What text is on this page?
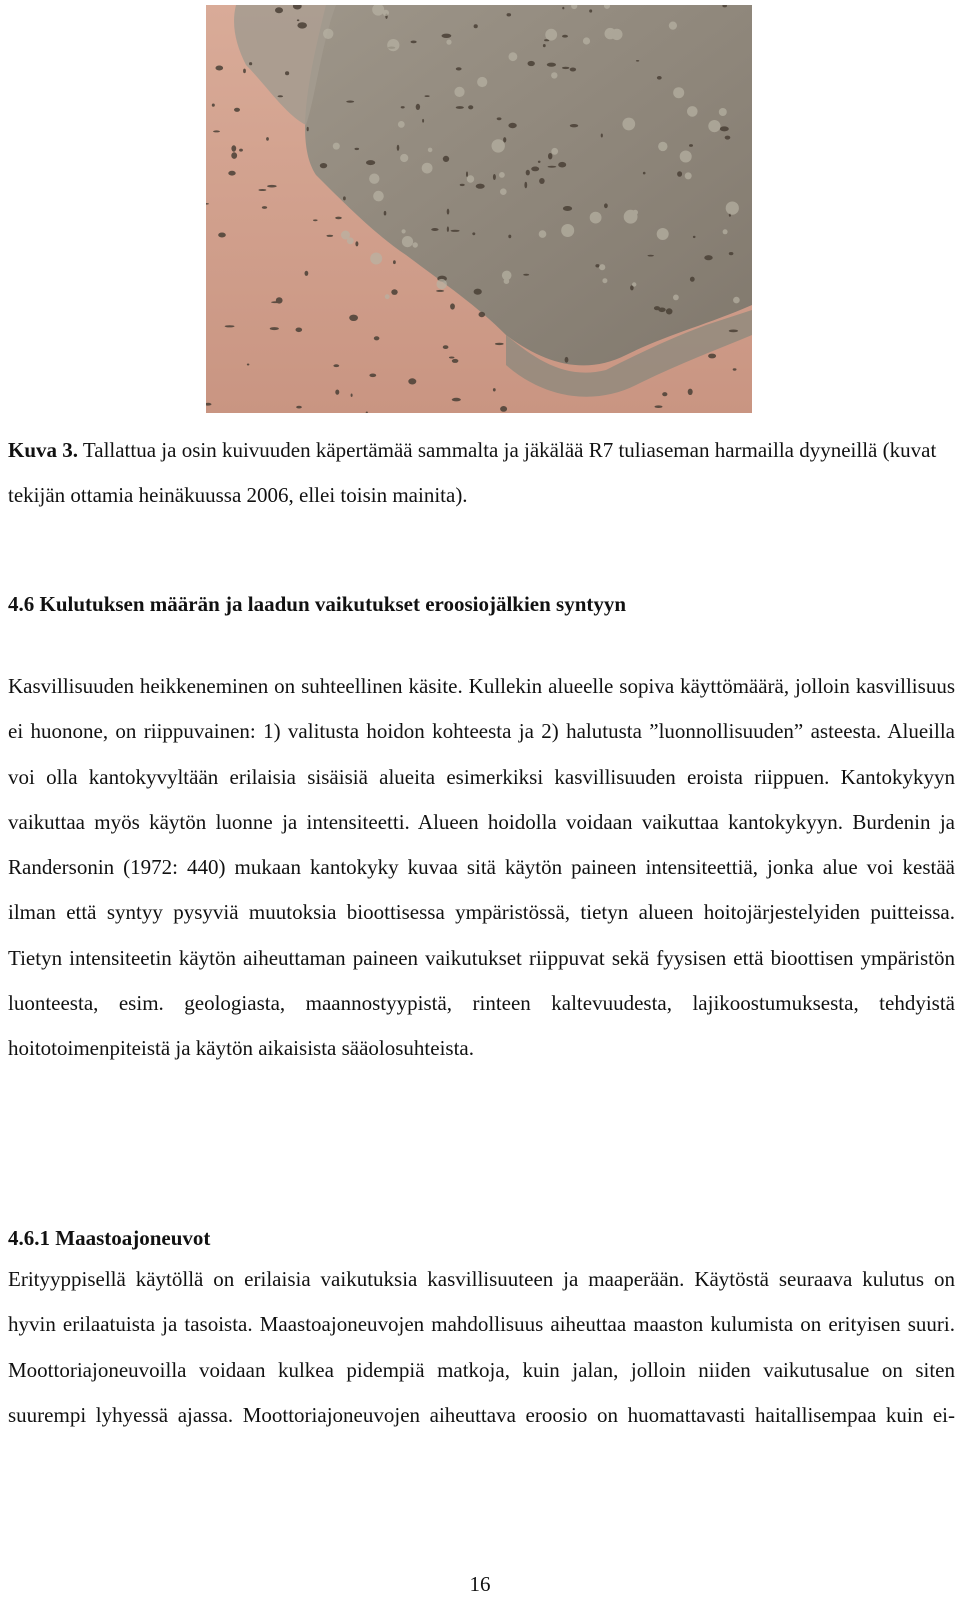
Kuva 3. Tallattua ja osin kuivuuden käpertämää sammalta ja jäkälää R7 tuliaseman harmailla dyyneillä (kuvat tekijän ottamia heinäkuussa 2006, ellei toisin mainita).

4.6 Kulutuksen määrän ja laadun vaikutukset eroosiojälkien syntyyn

Kasvillisuuden heikkeneminen on suhteellinen käsite. Kullekin alueelle sopiva käyttömäärä, jolloin kasvillisuus ei huonone, on riippuvainen: 1) valitusta hoidon kohteesta ja 2) halutusta ”luonnollisuuden” asteesta. Alueilla voi olla kantokyvyltään erilaisia sisäisiä alueita esimerkiksi kasvillisuuden eroista riippuen. Kantokykyyn vaikuttaa myös käytön luonne ja intensiteetti. Alueen hoidolla voidaan vaikuttaa kantokykyyn. Burdenin ja Randersonin (1972: 440) mukaan kantokyky kuvaa sitä käytön paineen intensiteettiä, jonka alue voi kestää ilman että syntyy pysyviä muutoksia bioottisessa ympäristössä, tietyn alueen hoitojärjestelyiden puitteissa. Tietyn intensiteetin käytön aiheuttaman paineen vaikutukset riippuvat sekä fyysisen että bioottisen ympäristön luonteesta, esim. geologiasta, maannostyypistä, rinteen kaltevuudesta, lajikoostumuksesta, tehdyistä hoitotoimenpiteistä ja käytön aikaisista sääolosuhteista.

4.6.1 Maastoajoneuvot

Erityyppisellä käytöllä on erilaisia vaikutuksia kasvillisuuteen ja maaperään. Käytöstä seuraava kulutus on hyvin erilaatuista ja tasoista. Maastoajoneuvojen mahdollisuus aiheuttaa maaston kulumista on erityisen suuri. Moottoriajoneuvoilla voidaan kulkea pidempiä matkoja, kuin jalan, jolloin niiden vaikutusalue on siten suurempi lyhyessä ajassa. Moottoriajoneuvojen aiheuttava eroosio on huomattavasti haitallisempaa kuin ei-

16
